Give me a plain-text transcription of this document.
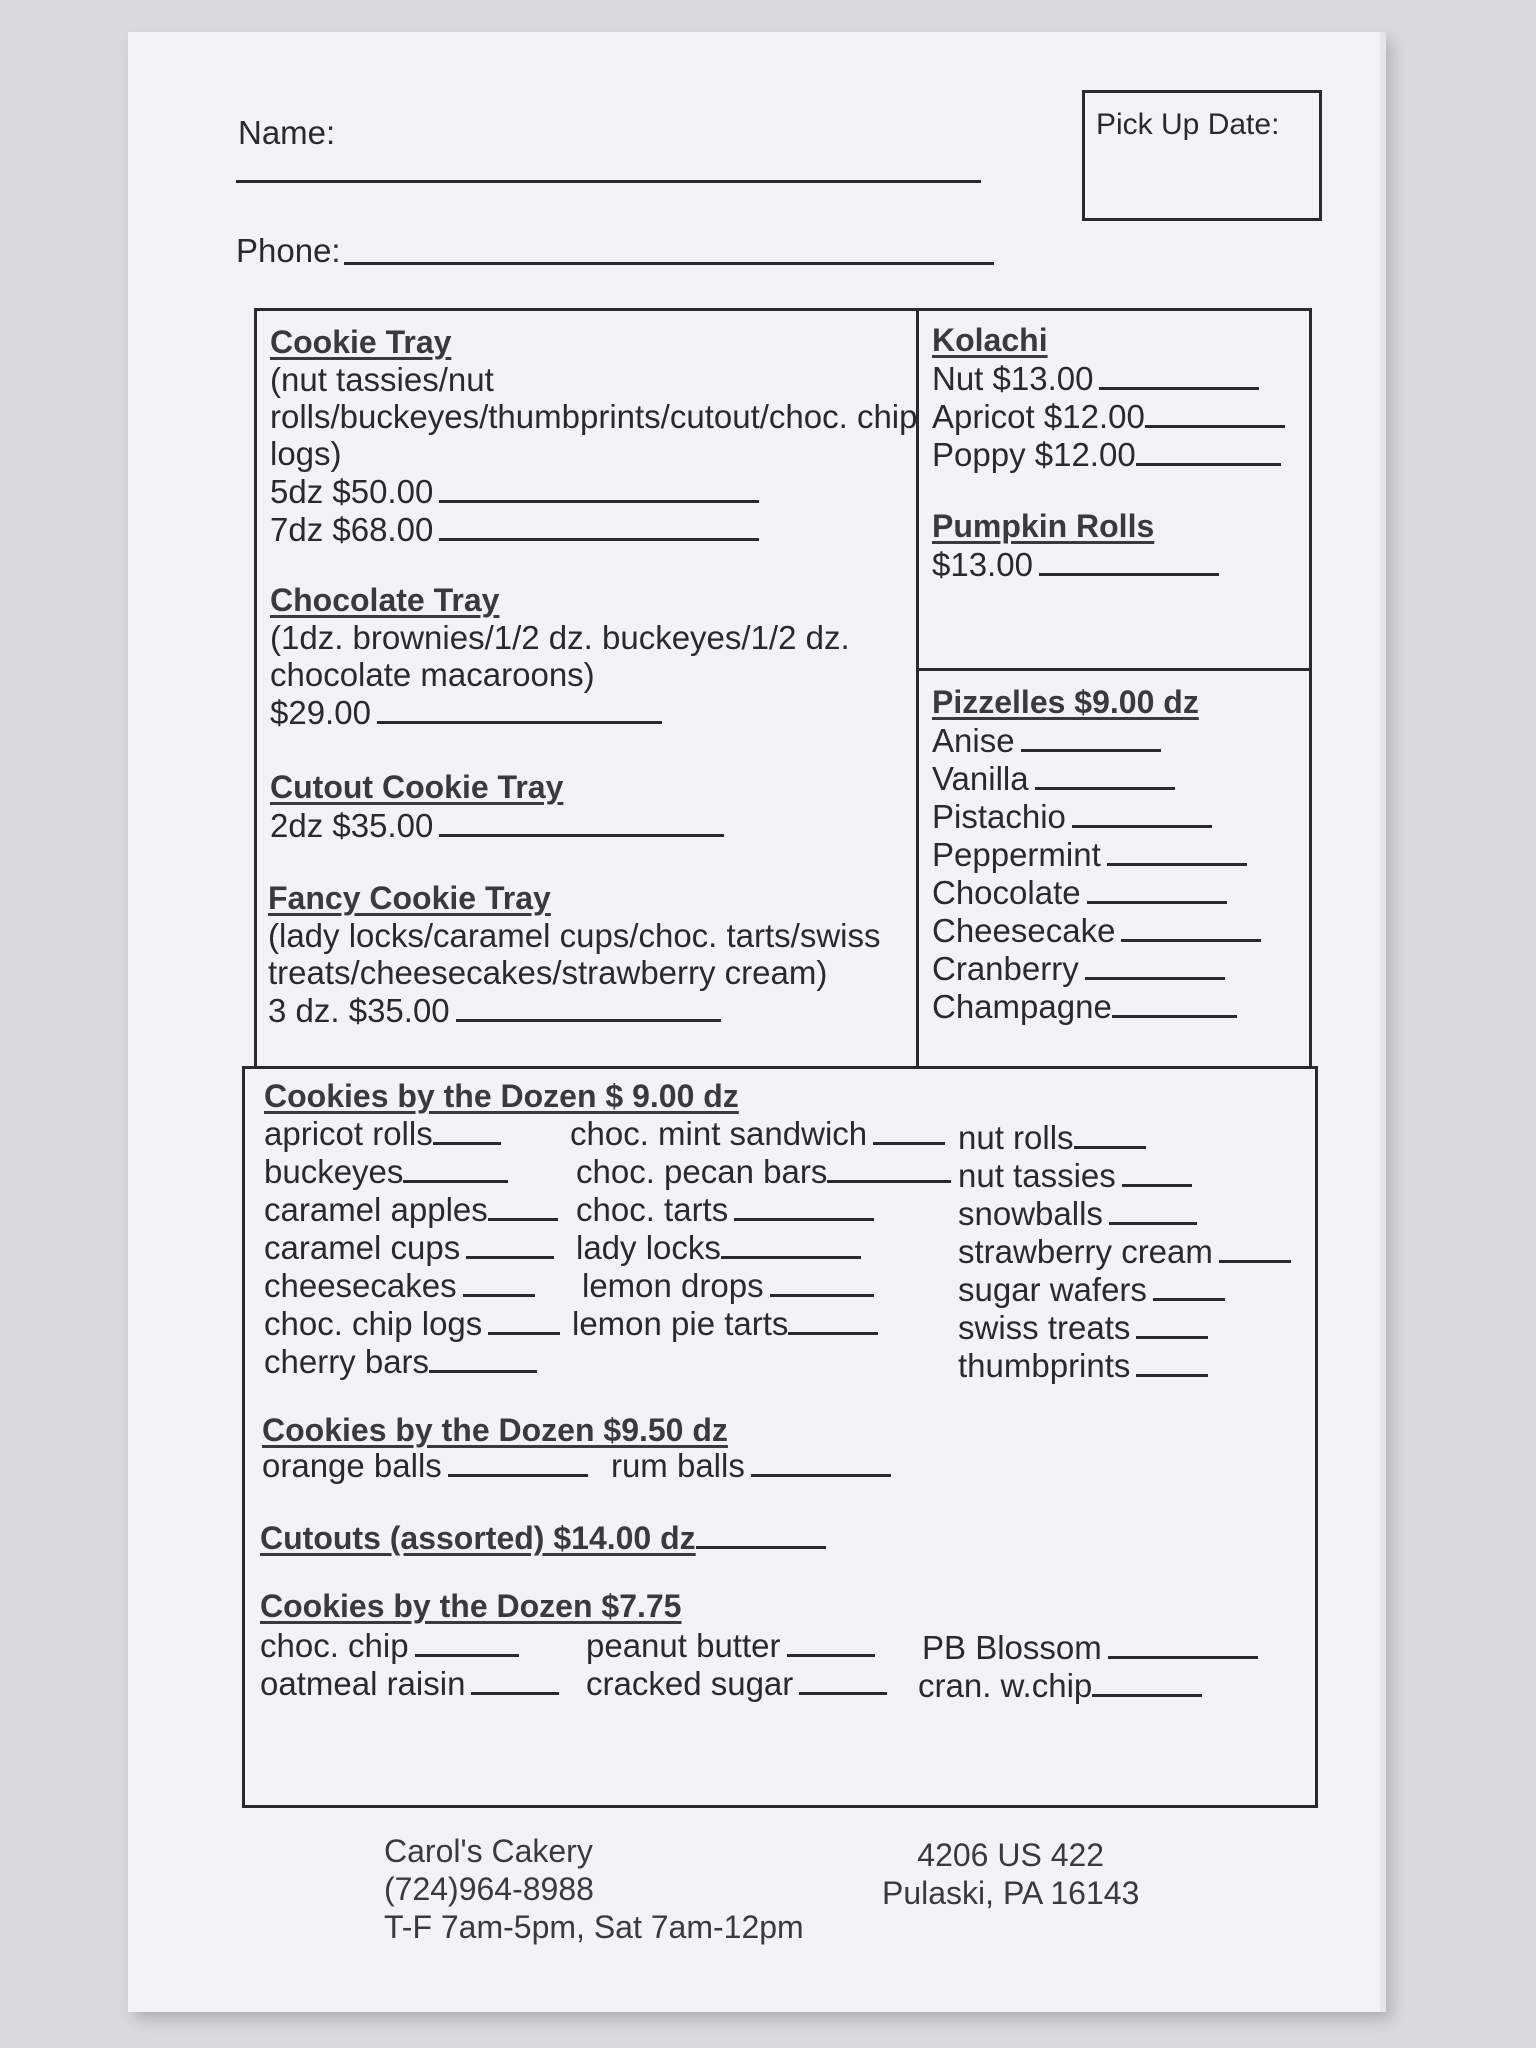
Name:
Phone:
Pick Up Date:
Cookie Tray
(nut tassies/nut
rolls/buckeyes/thumbprints/cutout/choc. chip
logs)
5dz $50.00
7dz $68.00
Chocolate Tray
(1dz. brownies/1/2 dz. buckeyes/1/2 dz.
chocolate macaroons)
$29.00
Cutout Cookie Tray
2dz $35.00
Fancy Cookie Tray
(lady locks/caramel cups/choc. tarts/swiss
treats/cheesecakes/strawberry cream)
3 dz. $35.00
Kolachi
Nut $13.00
Apricot $12.00
Poppy $12.00
Pumpkin Rolls
$13.00
Pizzelles $9.00 dz
Anise
Vanilla
Pistachio
Peppermint
Chocolate
Cheesecake
Cranberry
Champagne
Cookies by the Dozen $ 9.00 dz
apricot rolls
buckeyes
caramel apples
caramel cups
cheesecakes
choc. chip logs
cherry bars
choc. mint sandwich
choc. pecan bars
choc. tarts
lady locks
lemon drops
lemon pie tarts
nut rolls
nut tassies
snowballs
strawberry cream
sugar wafers
swiss treats
thumbprints
Cookies by the Dozen $9.50 dz
orange balls	rum balls
Cutouts (assorted) $14.00 dz
Cookies by the Dozen $7.75
choc. chip
oatmeal raisin
peanut butter
cracked sugar
PB Blossom
cran. w.chip
Carol's Cakery
(724)964-8988
T-F 7am-5pm, Sat 7am-12pm
4206 US 422
Pulaski, PA 16143
